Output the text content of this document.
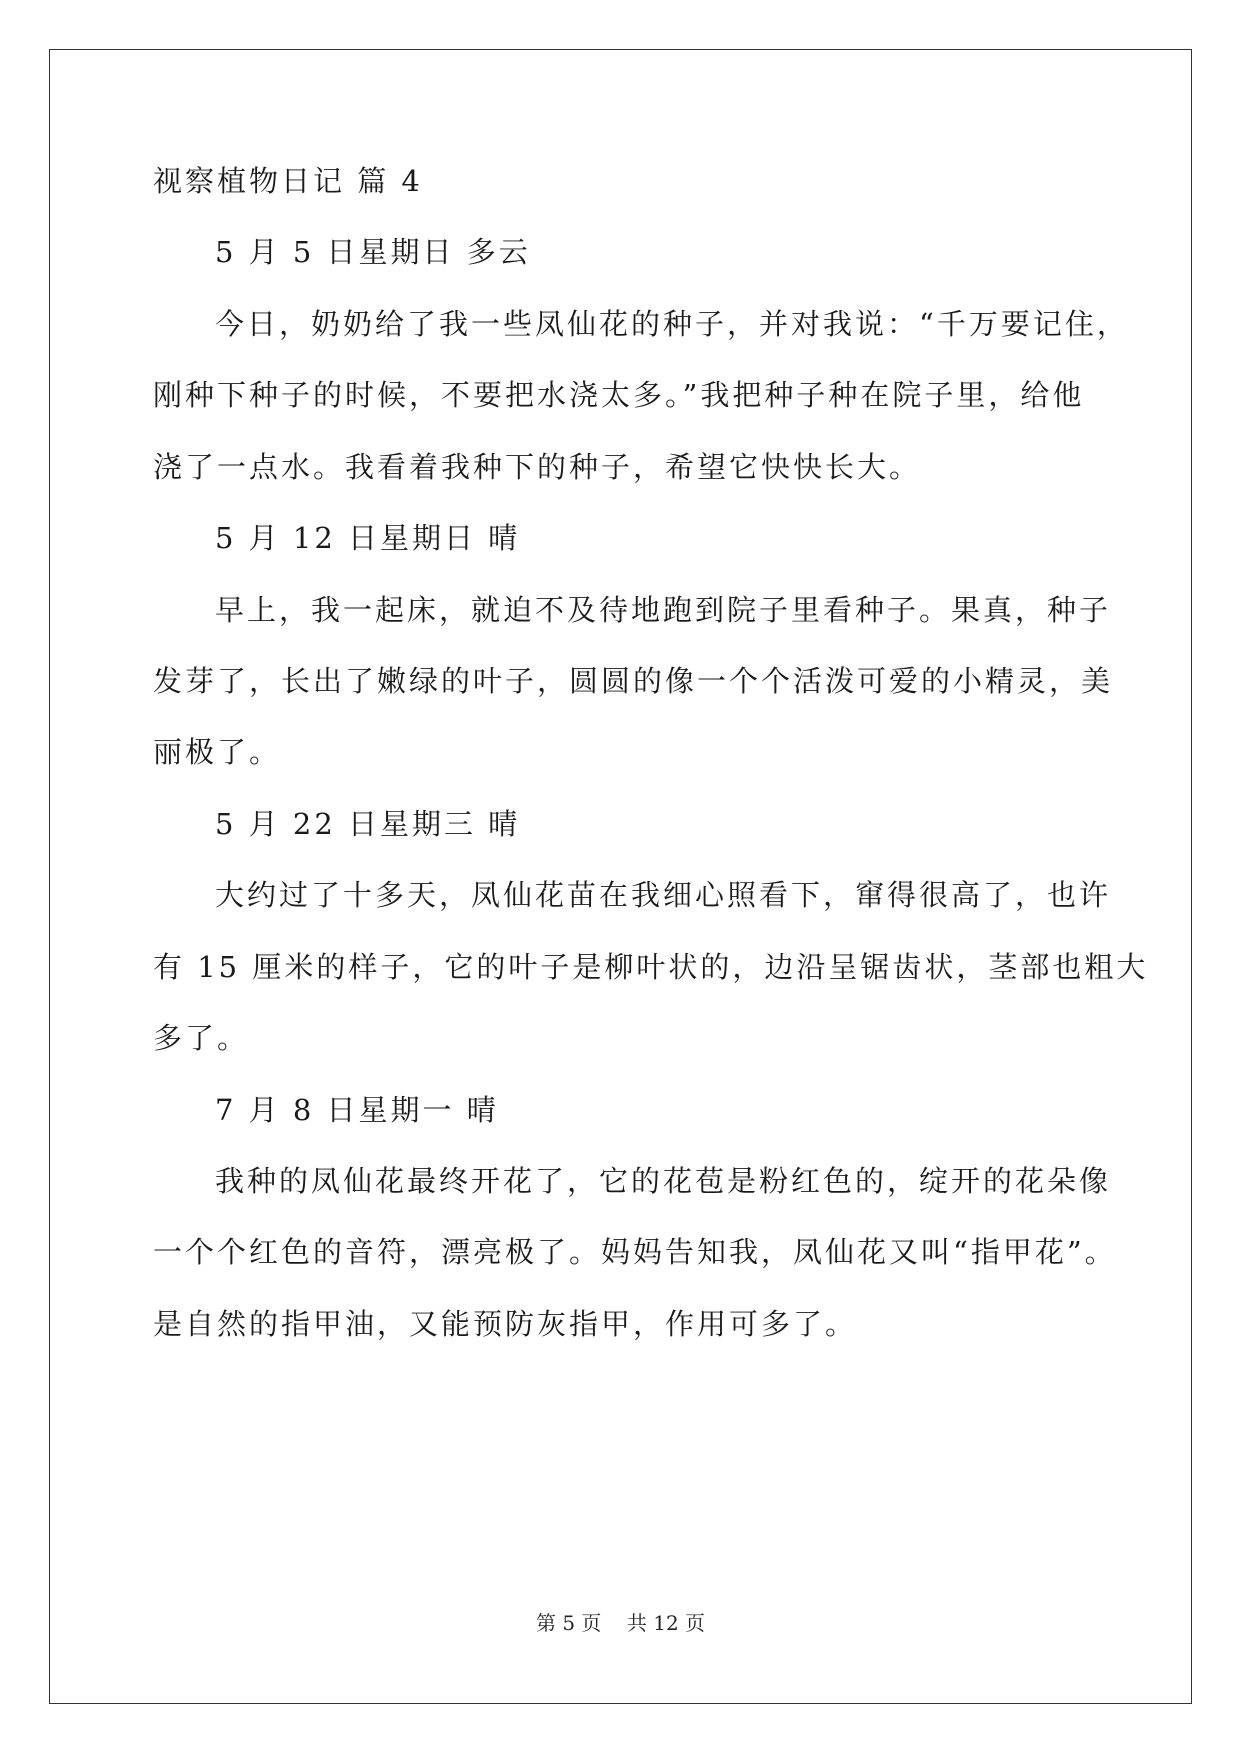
视察植物日记 篇 4
5 月 5 日星期日 多云
今日，奶奶给了我一些凤仙花的种子，并对我说：“千万要记住，
刚种下种子的时候，不要把水浇太多。”我把种子种在院子里，给他
浇了一点水。我看着我种下的种子，希望它快快长大。
5 月 12 日星期日 晴
早上，我一起床，就迫不及待地跑到院子里看种子。果真，种子
发芽了，长出了嫩绿的叶子，圆圆的像一个个活泼可爱的小精灵，美
丽极了。
5 月 22 日星期三 晴
大约过了十多天，凤仙花苗在我细心照看下，窜得很高了，也许
有 15 厘米的样子，它的叶子是柳叶状的，边沿呈锯齿状，茎部也粗大
多了。
7 月 8 日星期一 晴
我种的凤仙花最终开花了，它的花苞是粉红色的，绽开的花朵像
一个个红色的音符，漂亮极了。妈妈告知我，凤仙花又叫“指甲花”。
是自然的指甲油，又能预防灰指甲，作用可多了。
第 5 页 共 12 页
